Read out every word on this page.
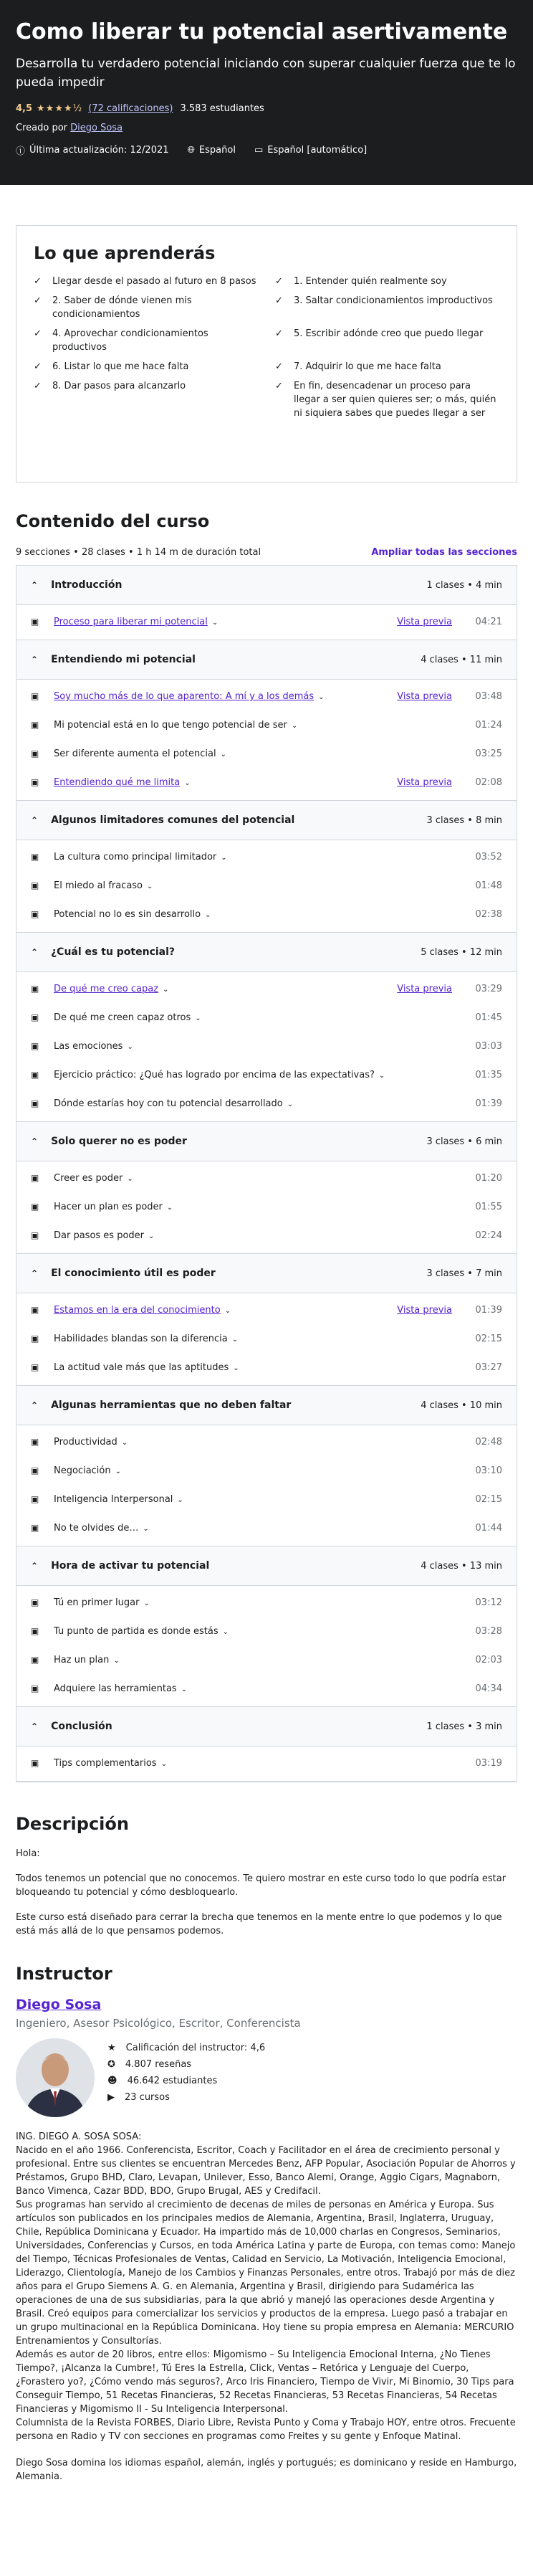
Como liberar tu potencial asertivamente
Desarrolla tu verdadero potencial iniciando con superar cualquier fuerza que te lo pueda impedir
4,5 ★★★★½ (72 calificaciones) 3.583 estudiantes
Creado por Diego Sosa
ⓘ Última actualización: 12/2021 🌐︎ Español ▭ Español [automático]
Lo que aprenderás
✓ Llegar desde el pasado al futuro en 8 pasos ✓ 1. Entender quién realmente soy
✓ 2. Saber de dónde vienen mis condicionamientos
✓ 3. Saltar condicionamientos improductivos
✓ 4. Aprovechar condicionamientos productivos
✓ 5. Escribir adónde creo que puedo llegar
✓ 6. Listar lo que me hace falta	✓ 7. Adquirir lo que me hace falta
✓ 8. Dar pasos para alcanzarlo	✓ En fin, desencadenar un proceso para llegar a ser quien quieres ser; o más, quién ni siquiera sabes que puedes llegar a ser
Contenido del curso
9 secciones • 28 clases • 1 h 14 m de duración total	Ampliar todas las secciones
⌃ Introducción	1 clases • 4 min
▣ Proceso para liberar mi potencial ⌄	Vista previa	04:21
⌃ Entendiendo mi potencial	4 clases • 11 min
▣ Soy mucho más de lo que aparento: A mí y a los demás ⌄	Vista previa	03:48
▣ Mi potencial está en lo que tengo potencial de ser ⌄	01:24
▣ Ser diferente aumenta el potencial ⌄	03:25
▣ Entendiendo qué me limita ⌄	Vista previa	02:08
⌃ Algunos limitadores comunes del potencial	3 clases • 8 min
▣ La cultura como principal limitador ⌄	03:52
▣ El miedo al fracaso ⌄	01:48
▣ Potencial no lo es sin desarrollo ⌄	02:38
⌃ ¿Cuál es tu potencial?	5 clases • 12 min
▣ De qué me creo capaz ⌄	Vista previa	03:29
▣ De qué me creen capaz otros ⌄	01:45
▣ Las emociones ⌄	03:03
▣ Ejercicio práctico: ¿Qué has logrado por encima de las expectativas? ⌄	01:35
▣ Dónde estarías hoy con tu potencial desarrollado ⌄	01:39
⌃ Solo querer no es poder	3 clases • 6 min
▣ Creer es poder ⌄	01:20
▣ Hacer un plan es poder ⌄	01:55
▣ Dar pasos es poder ⌄	02:24
⌃ El conocimiento útil es poder	3 clases • 7 min
▣ Estamos en la era del conocimiento ⌄	Vista previa	01:39
▣ Habilidades blandas son la diferencia ⌄	02:15
▣ La actitud vale más que las aptitudes ⌄	03:27
⌃ Algunas herramientas que no deben faltar	4 clases • 10 min
▣ Productividad ⌄	02:48
▣ Negociación ⌄	03:10
▣ Inteligencia Interpersonal ⌄	02:15
▣ No te olvides de… ⌄	01:44
⌃ Hora de activar tu potencial	4 clases • 13 min
▣ Tú en primer lugar ⌄	03:12
▣ Tu punto de partida es donde estás ⌄	03:28
▣ Haz un plan ⌄	02:03
▣ Adquiere las herramientas ⌄	04:34
⌃ Conclusión	1 clases • 3 min
▣ Tips complementarios ⌄	03:19
Descripción

Hola:

Todos tenemos un potencial que no conocemos. Te quiero mostrar en este curso todo lo que podría estar bloqueando tu potencial y cómo desbloquearlo.

Este curso está diseñado para cerrar la brecha que tenemos en la mente entre lo que podemos y lo que está más allá de lo que pensamos podemos.

Instructor
Diego Sosa
Ingeniero, Asesor Psicológico, Escritor, Conferencista
★ Calificación del instructor: 4,6
✪ 4.807 reseñas
☻ 46.642 estudiantes
▶ 23 cursos

ING. DIEGO A. SOSA SOSA:
Nacido en el año 1966. Conferencista, Escritor, Coach y Facilitador en el área de crecimiento personal y profesional. Entre sus clientes se encuentran Mercedes Benz, AFP Popular, Asociación Popular de Ahorros y Préstamos, Grupo BHD, Claro, Levapan, Unilever, Esso, Banco Alemi, Orange, Aggio Cigars, Magnaborn, Banco Vimenca, Cazar BDD, BDO, Grupo Brugal, AES y Credifacil.
Sus programas han servido al crecimiento de decenas de miles de personas en América y Europa. Sus artículos son publicados en los principales medios de Alemania, Argentina, Brasil, Inglaterra, Uruguay, Chile, República Dominicana y Ecuador. Ha impartido más de 10,000 charlas en Congresos, Seminarios, Universidades, Conferencias y Cursos, en toda América Latina y parte de Europa, con temas como: Manejo del Tiempo, Técnicas Profesionales de Ventas, Calidad en Servicio, La Motivación, Inteligencia Emocional, Liderazgo, Clientología, Manejo de los Cambios y Finanzas Personales, entre otros. Trabajó por más de diez años para el Grupo Siemens A. G. en Alemania, Argentina y Brasil, dirigiendo para Sudamérica las operaciones de una de sus subsidiarias, para la que abrió y manejó las operaciones desde Argentina y Brasil. Creó equipos para comercializar los servicios y productos de la empresa. Luego pasó a trabajar en un grupo multinacional en la República Dominicana. Hoy tiene su propia empresa en Alemania: MERCURIO Entrenamientos y Consultorías.
Además es autor de 20 libros, entre ellos: Migomismo – Su Inteligencia Emocional Interna, ¿No Tienes Tiempo?, ¡Alcanza la Cumbre!, Tú Eres la Estrella, Click, Ventas – Retórica y Lenguaje del Cuerpo, ¿Forastero yo?, ¿Cómo vendo más seguros?, Arco Iris Financiero, Tiempo de Vivir, Mi Binomio, 30 Tips para Conseguir Tiempo, 51 Recetas Financieras, 52 Recetas Financieras, 53 Recetas Financieras, 54 Recetas Financieras y Migomismo II - Su Inteligencia Interpersonal.
Columnista de la Revista FORBES, Diario Libre, Revista Punto y Coma y Trabajo HOY, entre otros. Frecuente persona en Radio y TV con secciones en programas como Freites y su gente y Enfoque Matinal.

Diego Sosa domina los idiomas español, alemán, inglés y portugués; es dominicano y reside en Hamburgo, Alemania.
